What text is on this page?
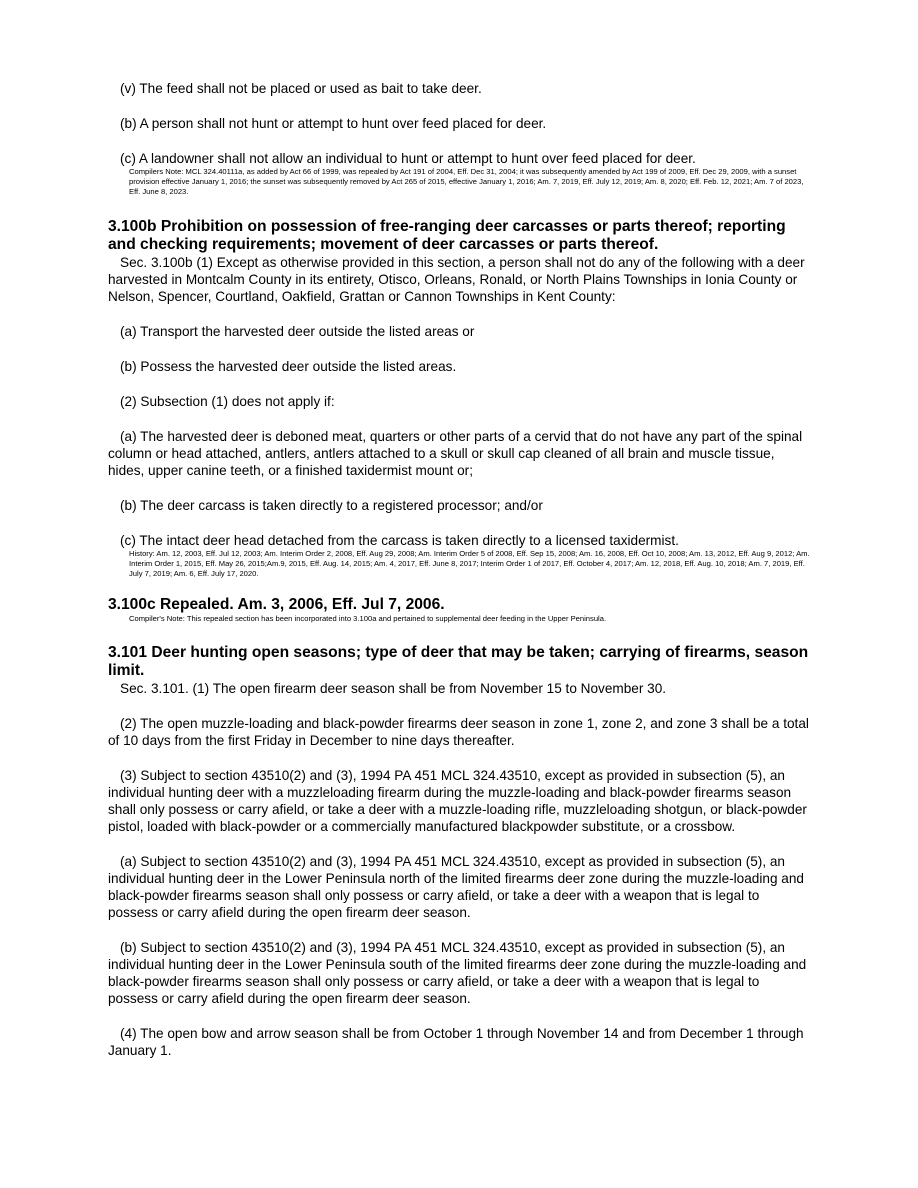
(v) The feed shall not be placed or used as bait to take deer.

(b) A person shall not hunt or attempt to hunt over feed placed for deer.

(c) A landowner shall not allow an individual to hunt or attempt to hunt over feed placed for deer.

Compilers Note: MCL 324.40111a, as added by Act 66 of 1999, was repealed by Act 191 of 2004, Eff. Dec 31, 2004; it was subsequently amended by Act 199 of 2009, Eff. Dec 29, 2009, with a sunset provision effective January 1, 2016; the sunset was subsequently removed by Act 265 of 2015, effective January 1, 2016; Am. 7, 2019, Eff. July 12, 2019; Am. 8, 2020; Eff. Feb. 12, 2021; Am. 7 of 2023, Eff. June 8, 2023.

3.100b Prohibition on possession of free-ranging deer carcasses or parts thereof; reporting and checking requirements; movement of deer carcasses or parts thereof.

Sec. 3.100b (1) Except as otherwise provided in this section, a person shall not do any of the following with a deer harvested in Montcalm County in its entirety, Otisco, Orleans, Ronald, or North Plains Townships in Ionia County or Nelson, Spencer, Courtland, Oakfield, Grattan or Cannon Townships in Kent County:

(a) Transport the harvested deer outside the listed areas or

(b) Possess the harvested deer outside the listed areas.

(2) Subsection (1) does not apply if:

(a) The harvested deer is deboned meat, quarters or other parts of a cervid that do not have any part of the spinal column or head attached, antlers, antlers attached to a skull or skull cap cleaned of all brain and muscle tissue, hides, upper canine teeth, or a finished taxidermist mount or;

(b) The deer carcass is taken directly to a registered processor; and/or

(c) The intact deer head detached from the carcass is taken directly to a licensed taxidermist.

History: Am. 12, 2003, Eff. Jul 12, 2003; Am. Interim Order 2, 2008, Eff. Aug 29, 2008; Am. Interim Order 5 of 2008, Eff. Sep 15, 2008; Am. 16, 2008, Eff. Oct 10, 2008; Am. 13, 2012, Eff. Aug 9, 2012; Am. Interim Order 1, 2015, Eff. May 26, 2015;Am.9, 2015, Eff. Aug. 14, 2015; Am. 4, 2017, Eff. June 8, 2017; Interim Order 1 of 2017, Eff. October 4, 2017; Am. 12, 2018, Eff. Aug. 10, 2018; Am. 7, 2019, Eff. July 7, 2019; Am. 6, Eff. July 17, 2020.

3.100c Repealed. Am. 3, 2006, Eff. Jul 7, 2006.

Compiler's Note: This repealed section has been incorporated into 3.100a and pertained to supplemental deer feeding in the Upper Peninsula.

3.101 Deer hunting open seasons; type of deer that may be taken; carrying of firearms, season limit.

Sec. 3.101. (1) The open firearm deer season shall be from November 15 to November 30.

(2) The open muzzle-loading and black-powder firearms deer season in zone 1, zone 2, and zone 3 shall be a total of 10 days from the first Friday in December to nine days thereafter.

(3) Subject to section 43510(2) and (3), 1994 PA 451 MCL 324.43510, except as provided in subsection (5), an individual hunting deer with a muzzleloading firearm during the muzzle-loading and black-powder firearms season shall only possess or carry afield, or take a deer with a muzzle-loading rifle, muzzleloading shotgun, or black-powder pistol, loaded with black-powder or a commercially manufactured blackpowder substitute, or a crossbow.

(a) Subject to section 43510(2) and (3), 1994 PA 451 MCL 324.43510, except as provided in subsection (5), an individual hunting deer in the Lower Peninsula north of the limited firearms deer zone during the muzzle-loading and black-powder firearms season shall only possess or carry afield, or take a deer with a weapon that is legal to possess or carry afield during the open firearm deer season.

(b) Subject to section 43510(2) and (3), 1994 PA 451 MCL 324.43510, except as provided in subsection (5), an individual hunting deer in the Lower Peninsula south of the limited firearms deer zone during the muzzle-loading and black-powder firearms season shall only possess or carry afield, or take a deer with a weapon that is legal to possess or carry afield during the open firearm deer season.

(4) The open bow and arrow season shall be from October 1 through November 14 and from December 1 through January 1.
